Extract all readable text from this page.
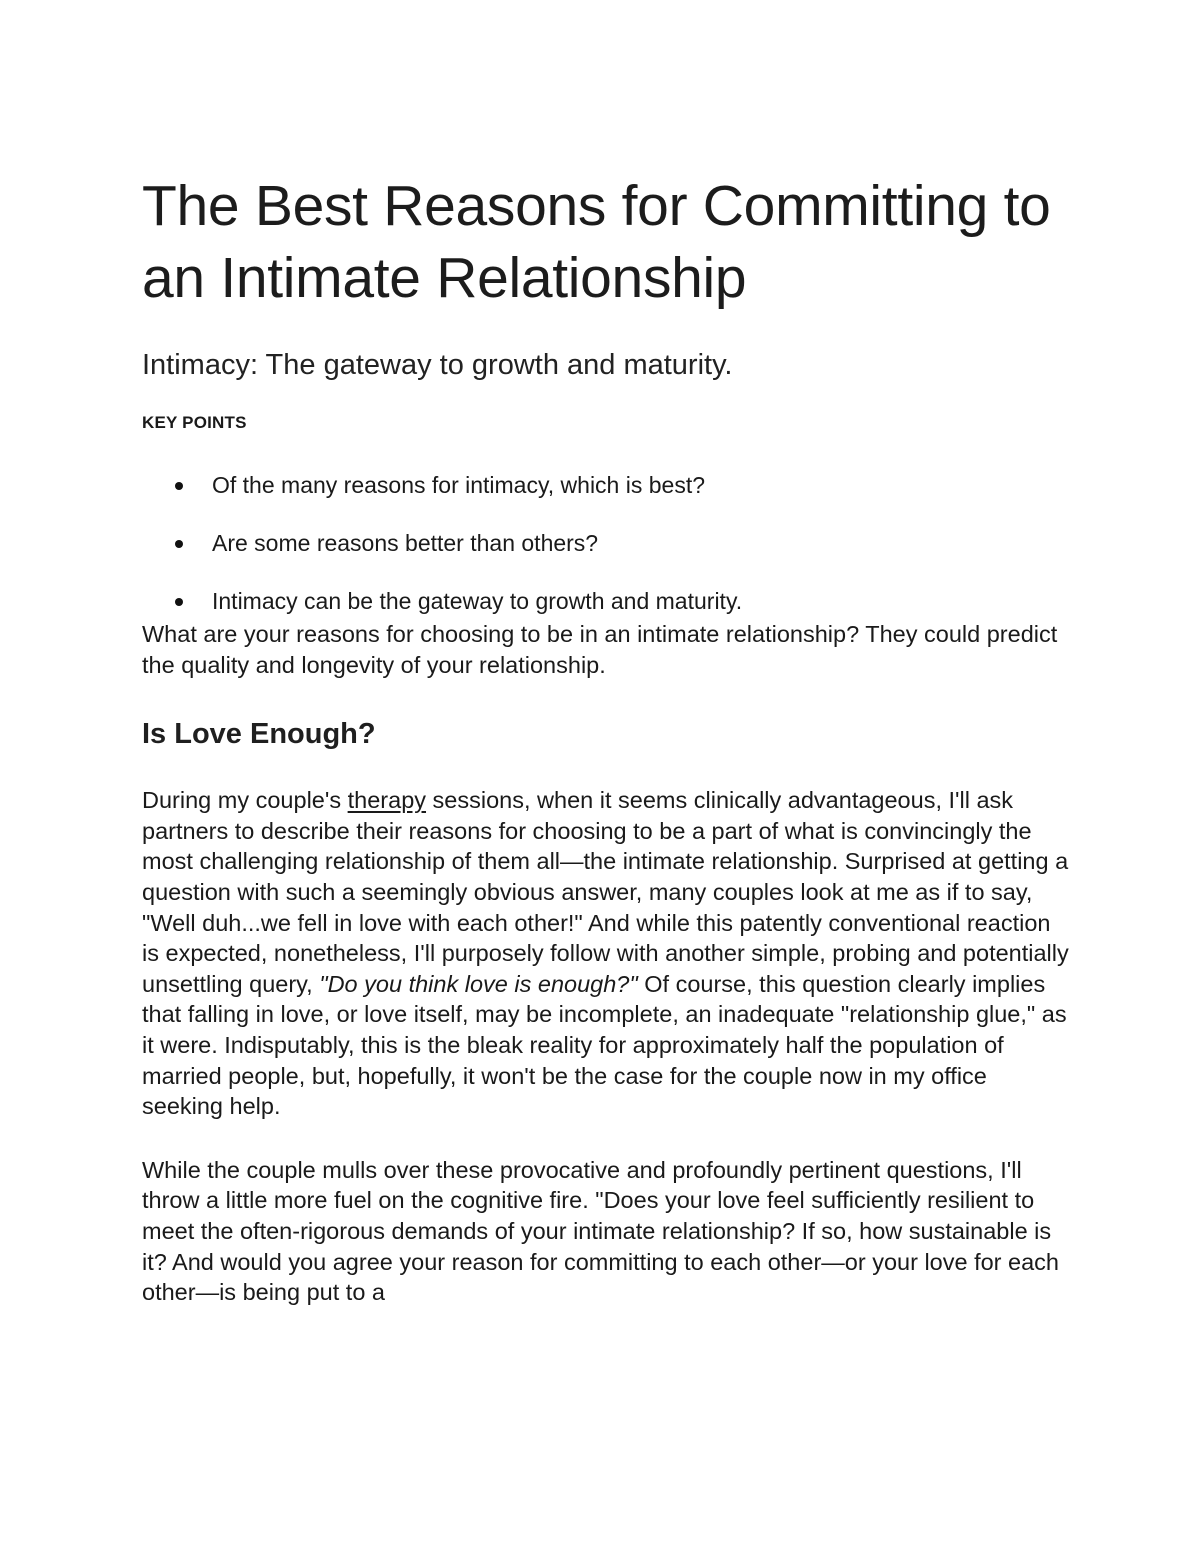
The Best Reasons for Committing to an Intimate Relationship
Intimacy: The gateway to growth and maturity.
KEY POINTS
Of the many reasons for intimacy, which is best?
Are some reasons better than others?
Intimacy can be the gateway to growth and maturity.

What are your reasons for choosing to be in an intimate relationship? They could predict the quality and longevity of your relationship.

Is Love Enough?

During my couple's therapy sessions, when it seems clinically advantageous, I'll ask partners to describe their reasons for choosing to be a part of what is convincingly the most challenging relationship of them all—the intimate relationship. Surprised at getting a question with such a seemingly obvious answer, many couples look at me as if to say, "Well duh...we fell in love with each other!" And while this patently conventional reaction is expected, nonetheless, I'll purposely follow with another simple, probing and potentially unsettling query, "Do you think love is enough?" Of course, this question clearly implies that falling in love, or love itself, may be incomplete, an inadequate "relationship glue," as it were. Indisputably, this is the bleak reality for approximately half the population of married people, but, hopefully, it won't be the case for the couple now in my office seeking help.

While the couple mulls over these provocative and profoundly pertinent questions, I'll throw a little more fuel on the cognitive fire. "Does your love feel sufficiently resilient to meet the often-rigorous demands of your intimate relationship? If so, how sustainable is it? And would you agree your reason for committing to each other—or your love for each other—is being put to a
